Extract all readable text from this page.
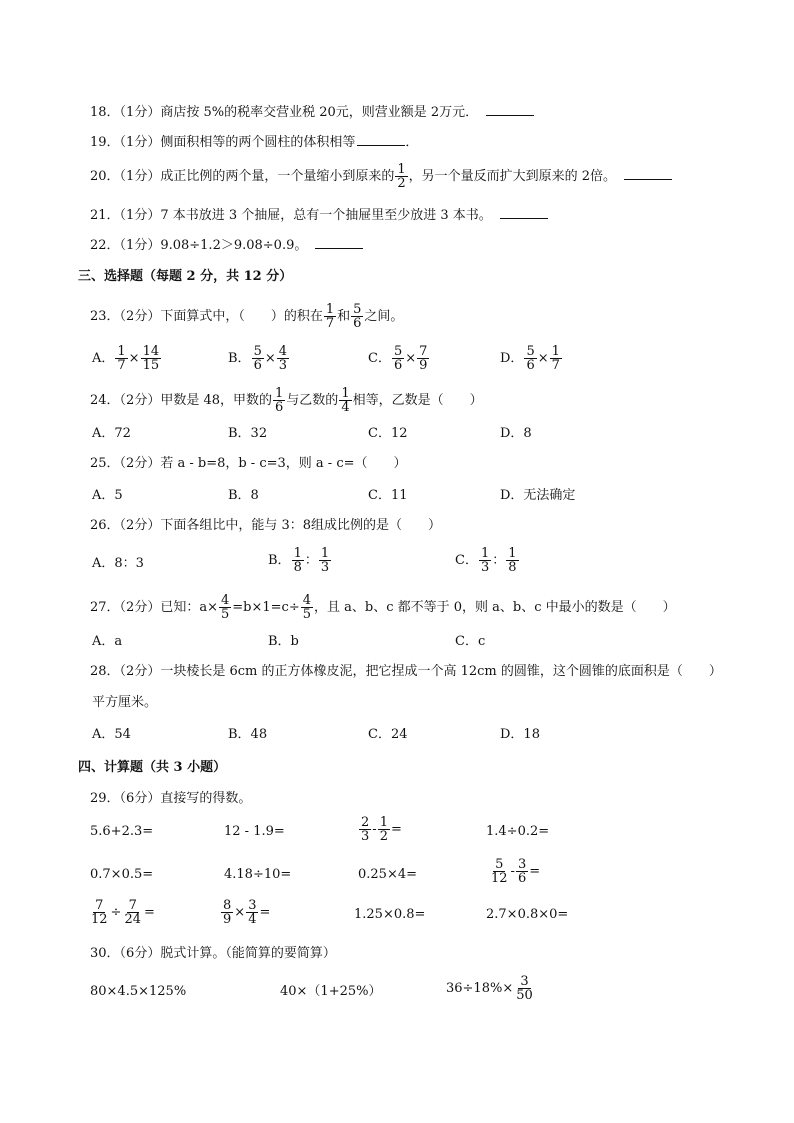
18．（1分）商店按 5%的税率交营业税 20元，则营业额是 2万元．
19．（1分）侧面积相等的两个圆柱的体积相等	．
20．（1分）成正比例的两个量，一个量缩小到原来的 $\frac{1}{2}$ ，另一个量反而扩大到原来的 2倍。
21．（1分）7 本书放进 3 个抽屉，总有一个抽屉里至少放进 3 本书。
22．（1分）9.08÷1.2＞9.08÷0.9。
三、选择题（每题 2 分，共 12 分）
23．（2分）下面算式中，（　　）的积在 $\frac{1}{7}$ 和 $\frac{5}{6}$ 之间。
A． $\frac{1}{7} \times \frac{14}{15}$	B． $\frac{5}{6} \times \frac{4}{3}$	C． $\frac{5}{6} \times \frac{7}{9}$	D． $\frac{5}{6} \times \frac{1}{7}$
24．（2分）甲数是 48，甲数的 $\frac{1}{6}$ 与乙数的 $\frac{1}{4}$ 相等，乙数是（　　）
A．72	B．32	C．12	D．8
25．（2分）若 a - b=8，b - c=3，则 a - c=（　　）
A．5	B．8	C．11	D．无法确定
26．（2分）下面各组比中，能与 3：8组成比例的是（　　）
A．8：3	B． $\frac{1}{8}$ ： $\frac{1}{3}$	C． $\frac{1}{3}$ ： $\frac{1}{8}$
27．（2分）已知：$a\times \frac{4}{5} =b\times 1=c\div \frac{4}{5}$ ，且 a、b、c 都不等于 0，则 a、b、c 中最小的数是（　　）
A．a	B．b	C．c
28．（2分）一块棱长是 6cm 的正方体橡皮泥，把它捏成一个高 12cm 的圆锥，这个圆锥的底面积是（　　）
平方厘米。
A．54	B．48	C．24	D．18
四、计算题（共 3 小题）
29．（6分）直接写的得数。
5.6+2.3=	12 - 1.9=	$\frac{2}{3} - \frac{1}{2}$ =	1.4÷0.2=
0.7×0.5=	4.18÷10=	0.25×4=	$\frac{5}{12} - \frac{3}{6}$ =
$\frac{7}{12} \div \frac{7}{24}$ =	$\frac{8}{9} \times \frac{3}{4}$ =	1.25×0.8=	2.7×0.8×0=
30．（6分）脱式计算。（能简算的要简算）
80×4.5×125%	40×（1+25%）	$36\div 18\%\times \frac{3}{50}$
